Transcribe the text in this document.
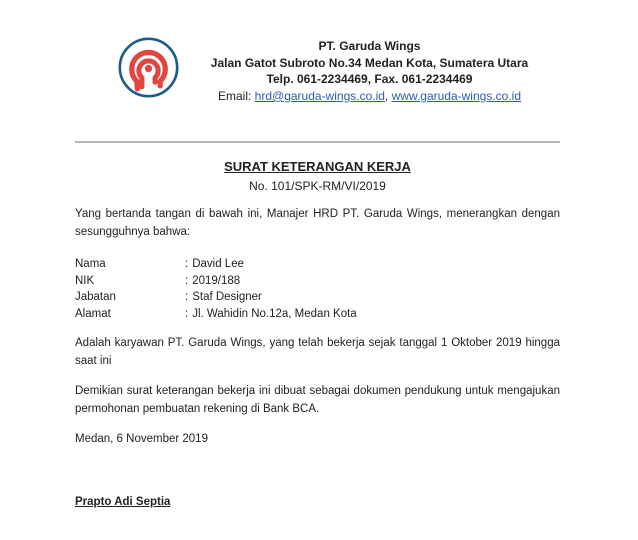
PT. Garuda Wings
Jalan Gatot Subroto No.34 Medan Kota, Sumatera Utara
Telp. 061-2234469, Fax. 061-2234469
Email: hrd@garuda-wings.co.id, www.garuda-wings.co.id
SURAT KETERANGAN KERJA
No. 101/SPK-RM/VI/2019

Yang bertanda tangan di bawah ini, Manajer HRD PT. Garuda Wings, menerangkan dengan sesungguhnya bahwa:

Nama	: David Lee
NIK	: 2019/188
Jabatan	: Staf Designer
Alamat	: Jl. Wahidin No.12a, Medan Kota

Adalah karyawan PT. Garuda Wings, yang telah bekerja sejak tanggal 1 Oktober 2019 hingga saat ini

Demikian surat keterangan bekerja ini dibuat sebagai dokumen pendukung untuk mengajukan permohonan pembuatan rekening di Bank BCA.

Medan, 6 November 2019
Prapto Adi Septia
